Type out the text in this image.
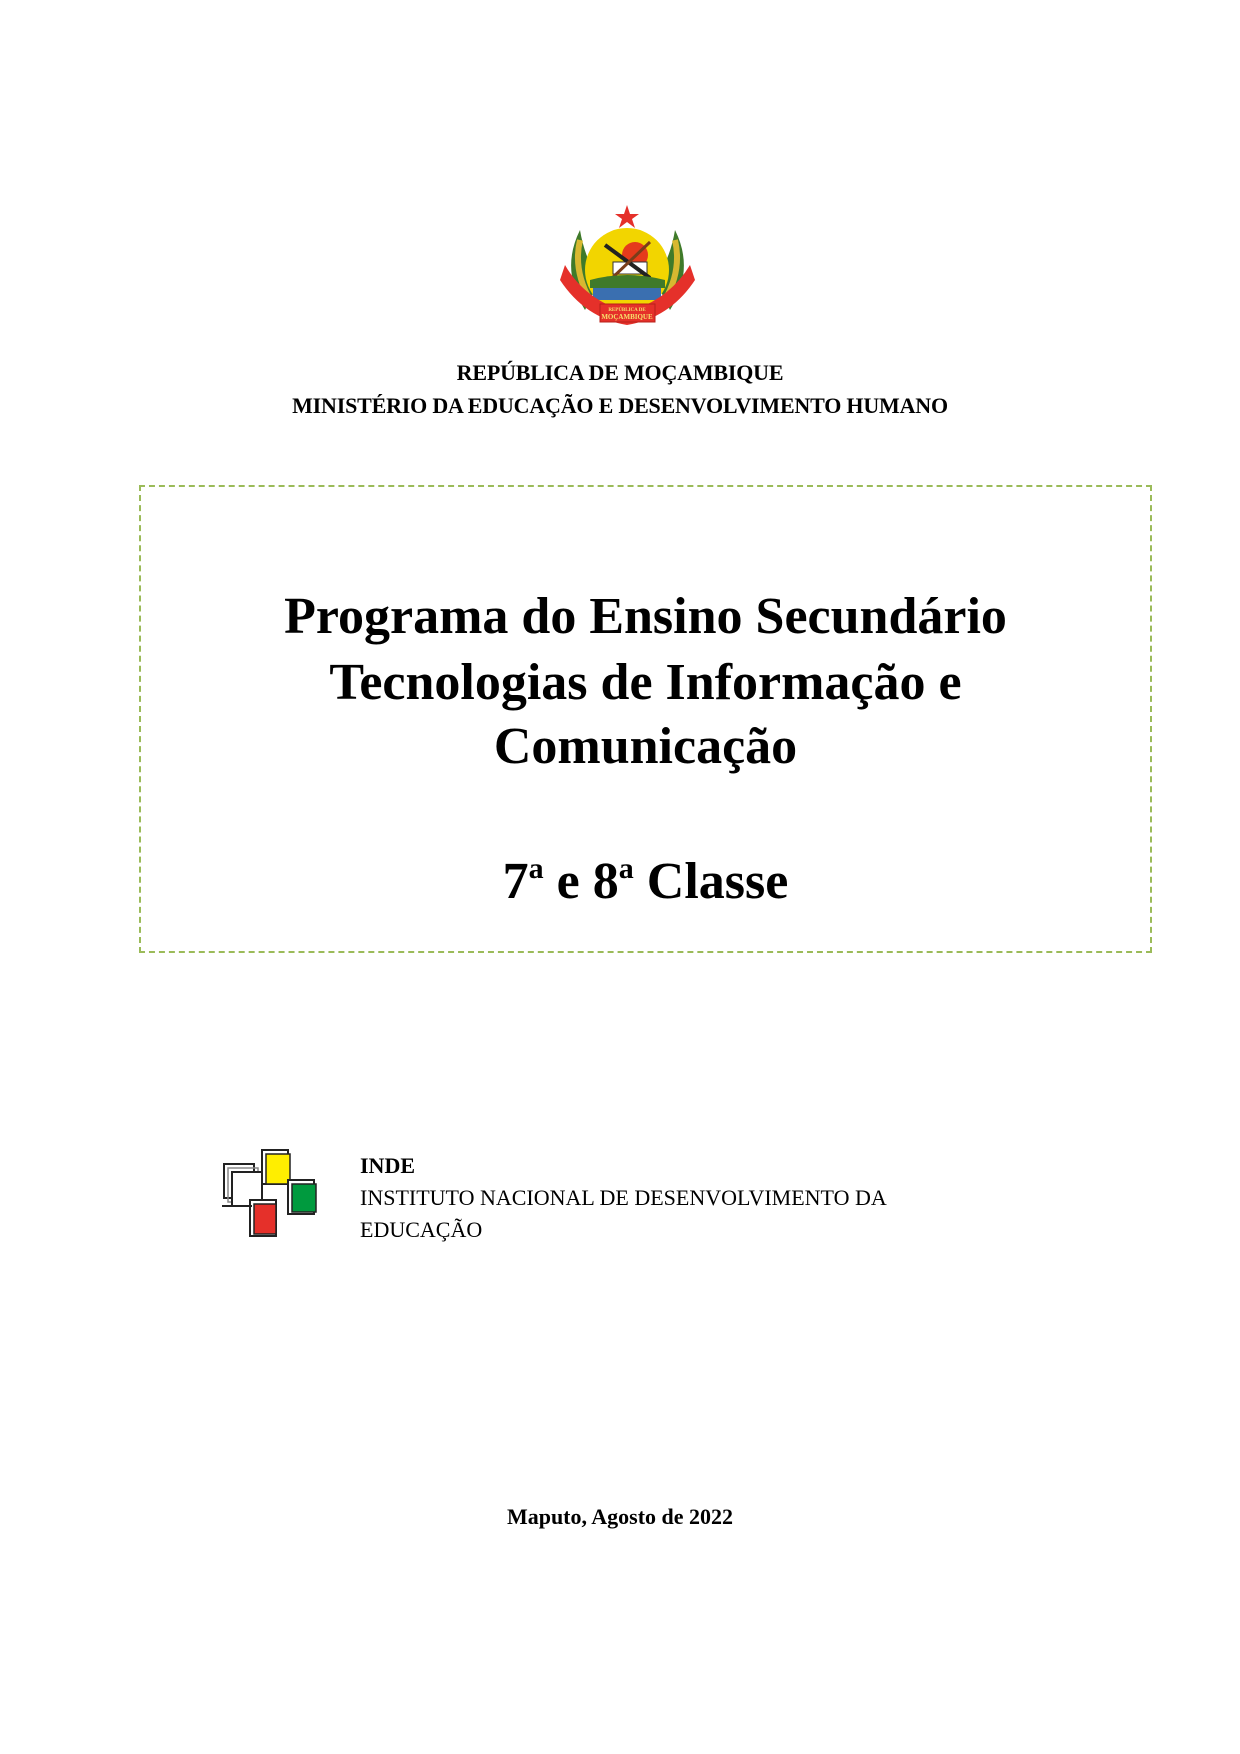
REPÚBLICA DE
MOÇAMBIQUE
REPÚBLICA DE MOÇAMBIQUE
MINISTÉRIO DA EDUCAÇÃO E DESENVOLVIMENTO HUMANO
Programa do Ensino Secundário
Tecnologias de Informação e
Comunicação
7$^a$ e 8$^a$ Classe
INDE
INSTITUTO NACIONAL DE DESENVOLVIMENTO DA
EDUCAÇÃO
Maputo, Agosto de 2022
